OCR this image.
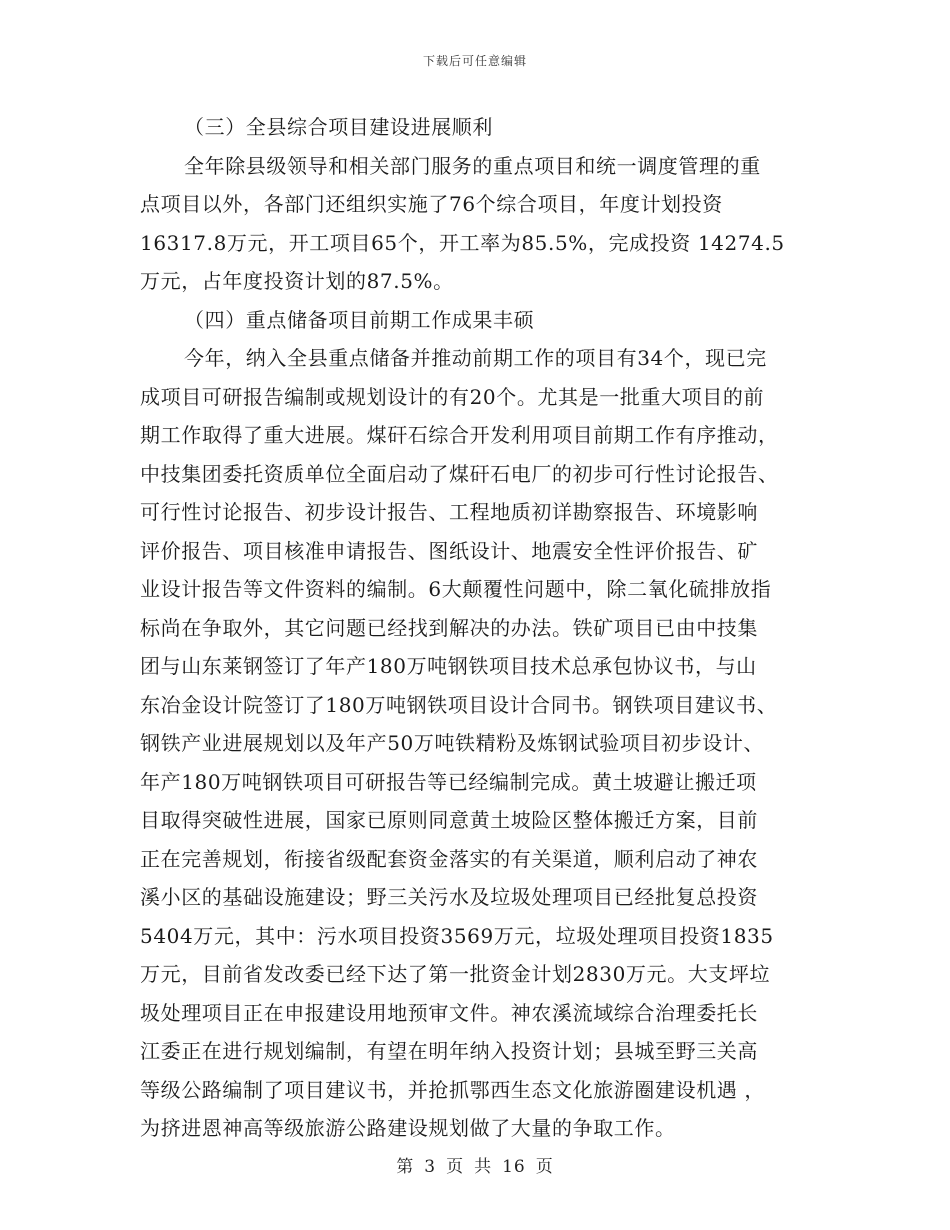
下载后可任意编辑
（三）全县综合项目建设进展顺利
全年除县级领导和相关部门服务的重点项目和统一调度管理的重
点项目以外，各部门还组织实施了76个综合项目，年度计划投资
16317.8万元，开工项目65个，开工率为85.5%，完成投资 14274.5
万元，占年度投资计划的87.5%。
（四）重点储备项目前期工作成果丰硕
今年，纳入全县重点储备并推动前期工作的项目有34个，现已完
成项目可研报告编制或规划设计的有20个。尤其是一批重大项目的前
期工作取得了重大进展。煤矸石综合开发利用项目前期工作有序推动，
中技集团委托资质单位全面启动了煤矸石电厂的初步可行性讨论报告、
可行性讨论报告、初步设计报告、工程地质初详勘察报告、环境影响
评价报告、项目核准申请报告、图纸设计、地震安全性评价报告、矿
业设计报告等文件资料的编制。6大颠覆性问题中，除二氧化硫排放指
标尚在争取外，其它问题已经找到解决的办法。铁矿项目已由中技集
团与山东莱钢签订了年产180万吨钢铁项目技术总承包协议书，与山
东冶金设计院签订了180万吨钢铁项目设计合同书。钢铁项目建议书、
钢铁产业进展规划以及年产50万吨铁精粉及炼钢试验项目初步设计、
年产180万吨钢铁项目可研报告等已经编制完成。黄土坡避让搬迁项
目取得突破性进展，国家已原则同意黄土坡险区整体搬迁方案，目前
正在完善规划，衔接省级配套资金落实的有关渠道，顺利启动了神农
溪小区的基础设施建设；野三关污水及垃圾处理项目已经批复总投资
5404万元，其中：污水项目投资3569万元，垃圾处理项目投资1835
万元，目前省发改委已经下达了第一批资金计划2830万元。大支坪垃
圾处理项目正在申报建设用地预审文件。神农溪流域综合治理委托长
江委正在进行规划编制，有望在明年纳入投资计划；县城至野三关高
等级公路编制了项目建议书，并抢抓鄂西生态文化旅游圈建设机遇 ，
为挤进恩神高等级旅游公路建设规划做了大量的争取工作。
第 3 页 共 16 页
